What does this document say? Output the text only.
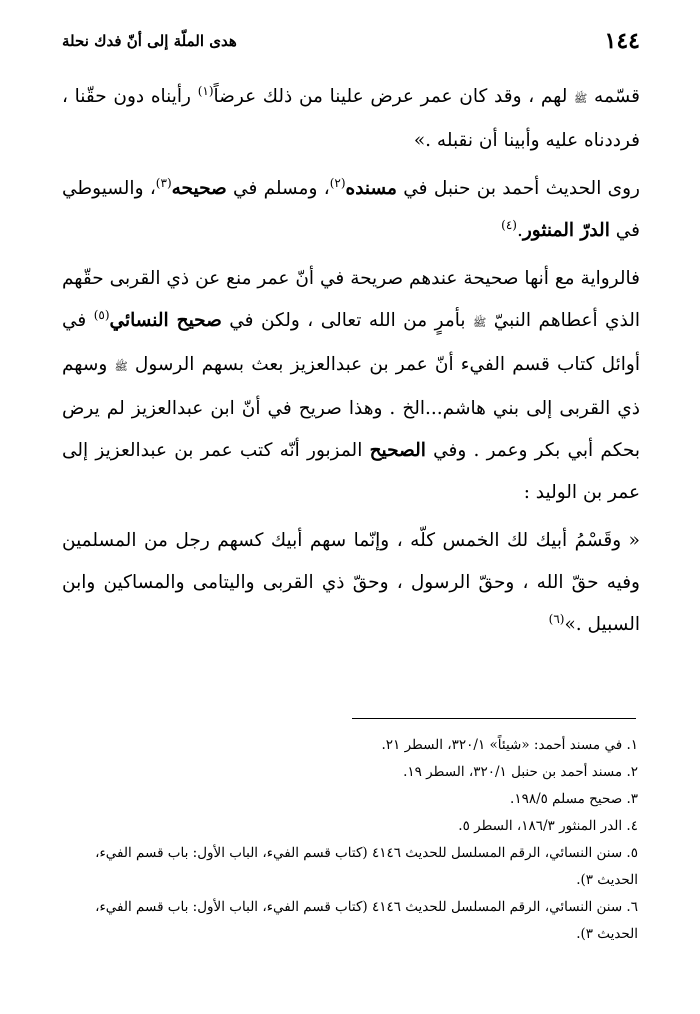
١٤٤
هدى الملّة إلى أنّ فدك نحلة

قسّمه ﷺ لهم ، وقد كان عمر عرض علينا من ذلك عرضاً$^{(١)}$ رأيناه دون حقّنا ، فرددناه عليه وأبينا أن نقبله .»

روى الحديث أحمد بن حنبل في مسنده$^{(٢)}$، ومسلم في صحيحه$^{(٣)}$، والسيوطي في الدرّ المنثور.$^{(٤)}$

فالرواية مع أنها صحيحة عندهم صريحة في أنّ عمر منع عن ذي القربى حقّهم الذي أعطاهم النبيّ ﷺ بأمرٍ من الله تعالى ، ولكن في صحيح النسائي$^{(٥)}$ في أوائل كتاب قسم الفيء أنّ عمر بن عبدالعزيز بعث بسهم الرسول ﷺ وسهم ذي القربى إلى بني هاشم...الخ . وهذا صريح في أنّ ابن عبدالعزيز لم يرض بحكم أبي بكر وعمر . وفي الصحيح المزبور أنّه كتب عمر بن عبدالعزيز إلى عمر بن الوليد :

« وقَسْمُ أبيك لك الخمس كلّه ، وإنّما سهم أبيك كسهم رجل من المسلمين وفيه حقّ الله ، وحقّ الرسول ، وحقّ ذي القربى واليتامى والمساكين وابن السبيل .»$^{(٦)}$

١. في مسند أحمد: «شيئاً» ٣٢٠/١، السطر ٢١.

٢. مسند أحمد بن حنبل ٣٢٠/١، السطر ١٩.

٣. صحيح مسلم ١٩٨/٥.

٤. الدر المنثور ١٨٦/٣، السطر ٥.

٥. سنن النسائي، الرقم المسلسل للحديث ٤١٤٦ (كتاب قسم الفيء، الباب الأول: باب قسم الفيء، الحديث ٣).

٦. سنن النسائي، الرقم المسلسل للحديث ٤١٤٦ (كتاب قسم الفيء، الباب الأول: باب قسم الفيء، الحديث ٣).
